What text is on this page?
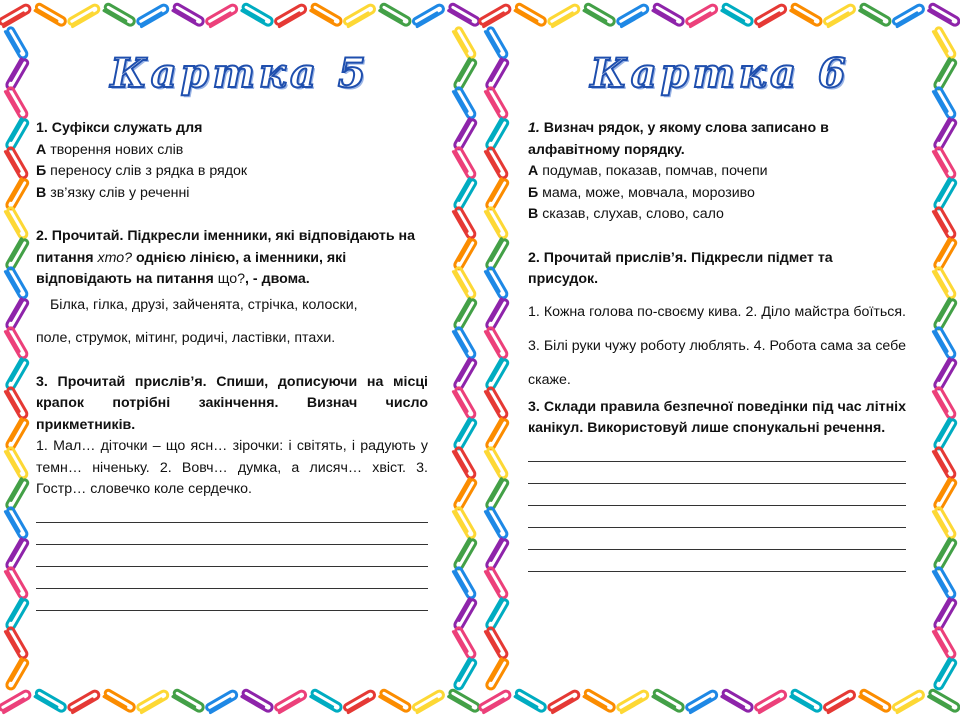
Картка 5

1. Суфікси служать для

А творення нових слів

Б переносу слів з рядка в рядок

В зв’язку слів у реченні

2. Прочитай. Підкресли іменники, які відповідають на питання хто? однією лінією, а іменники, які відповідають на питання що?, - двома.

Білка, гілка, друзі, зайченята, стрічка, колоски,

поле, струмок, мітинг, родичі, ластівки, птахи.

3. Прочитай прислів’я. Спиши, дописуючи на місці крапок потрібні закінчення. Визнач число прикметників.

1. Мал… діточки – що ясн… зірочки: і світять, і радують у темн… ніченьку. 2. Вовч… думка, а лисяч… хвіст. 3. Гостр… словечко коле сердечко.

Картка 6

1. Визнач рядок, у якому слова записано в алфавітному порядку.

А подумав, показав, помчав, почепи

Б мама, може, мовчала, морозиво

В сказав, слухав, слово, сало

2. Прочитай прислів’я. Підкресли підмет та присудок.

1. Кожна голова по-своєму кива. 2. Діло майстра боїться. 3. Білі руки чужу роботу люблять. 4. Робота сама за себе скаже.

3. Склади правила безпечної поведінки під час літніх канікул. Використовуй лише спонукальні речення.
